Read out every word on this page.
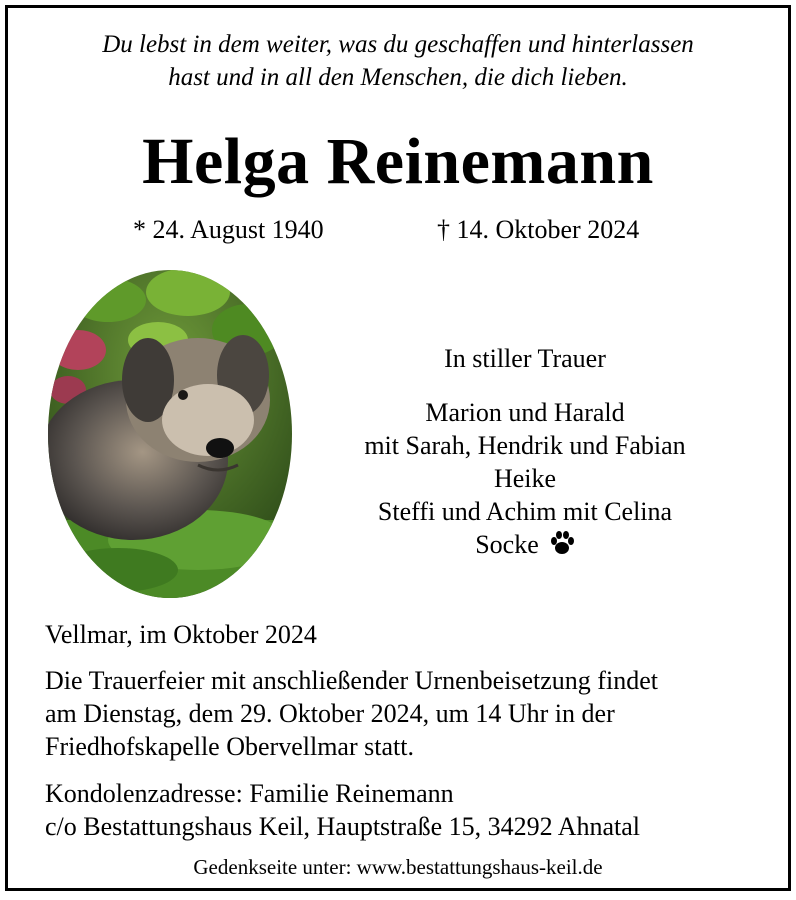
Du lebst in dem weiter, was du geschaffen und hinterlassen
hast und in all den Menschen, die dich lieben.
Helga Reinemann
* 24. August 1940	† 14. Oktober 2024
In stiller Trauer
Marion und Harald
mit Sarah, Hendrik und Fabian
Heike
Steffi und Achim mit Celina
Socke
Vellmar, im Oktober 2024
Die Trauerfeier mit anschließender Urnenbeisetzung findet
am Dienstag, dem 29. Oktober 2024, um 14 Uhr in der
Friedhofskapelle Obervellmar statt.
Kondolenzadresse: Familie Reinemann
c/o Bestattungshaus Keil, Hauptstraße 15, 34292 Ahnatal
Gedenkseite unter: www.bestattungshaus-keil.de
